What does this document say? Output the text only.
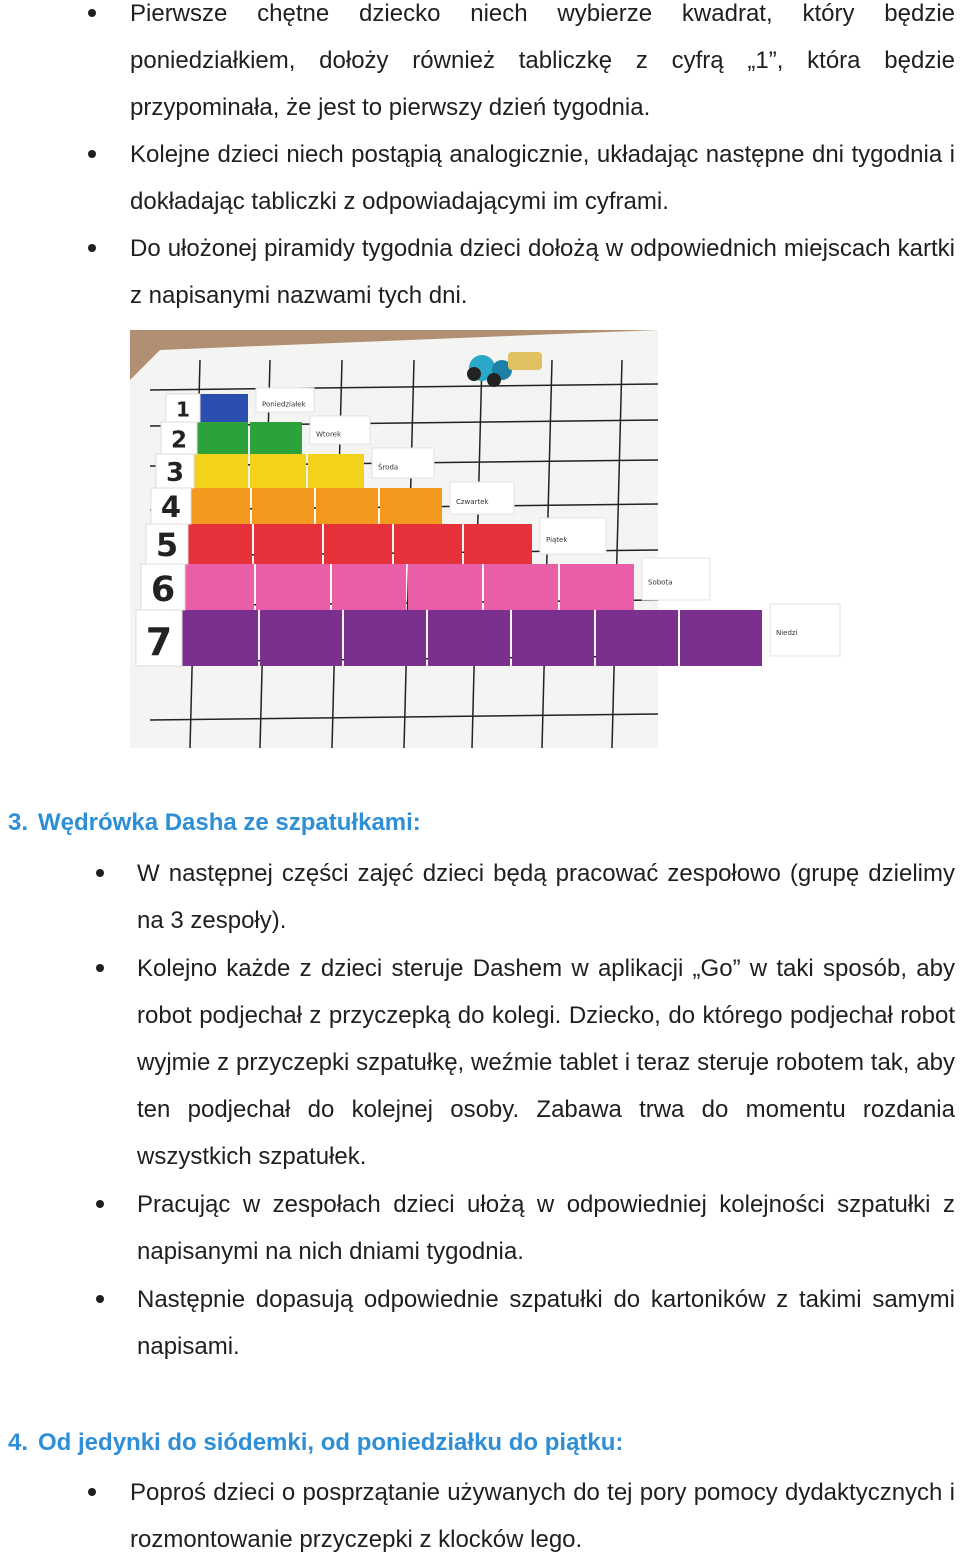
Pierwsze chętne dziecko niech wybierze kwadrat, który będzie poniedziałkiem, dołoży również tabliczkę z cyfrą „1”, która będzie przypominała, że jest to pierwszy dzień tygodnia.
Kolejne dzieci niech postąpią analogicznie, układając następne dni tygodnia i dokładając tabliczki z odpowiadającymi im cyframi.
Do ułożonej piramidy tygodnia dzieci dołożą w odpowiednich miejscach kartki z napisanymi nazwami tych dni.
1
2
3
4
5
6
7
Poniedziałek
Wtorek
Środa
Czwartek
Piątek
Sobota
Niedzi
3. Wędrówka Dasha ze szpatułkami:
W następnej części zajęć dzieci będą pracować zespołowo (grupę dzielimy na 3 zespoły).
Kolejno każde z dzieci steruje Dashem w aplikacji „Go” w taki sposób, aby robot podjechał z przyczepką do kolegi. Dziecko, do którego podjechał robot wyjmie z przyczepki szpatułkę, weźmie tablet i teraz steruje robotem tak, aby ten podjechał do kolejnej osoby. Zabawa trwa do momentu rozdania wszystkich szpatułek.
Pracując w zespołach dzieci ułożą w odpowiedniej kolejności szpatułki z napisanymi na nich dniami tygodnia.
Następnie dopasują odpowiednie szpatułki do kartoników z takimi samymi napisami.
4. Od jedynki do siódemki, od poniedziałku do piątku:
Poproś dzieci o posprzątanie używanych do tej pory pomocy dydaktycznych i rozmontowanie przyczepki z klocków lego.
